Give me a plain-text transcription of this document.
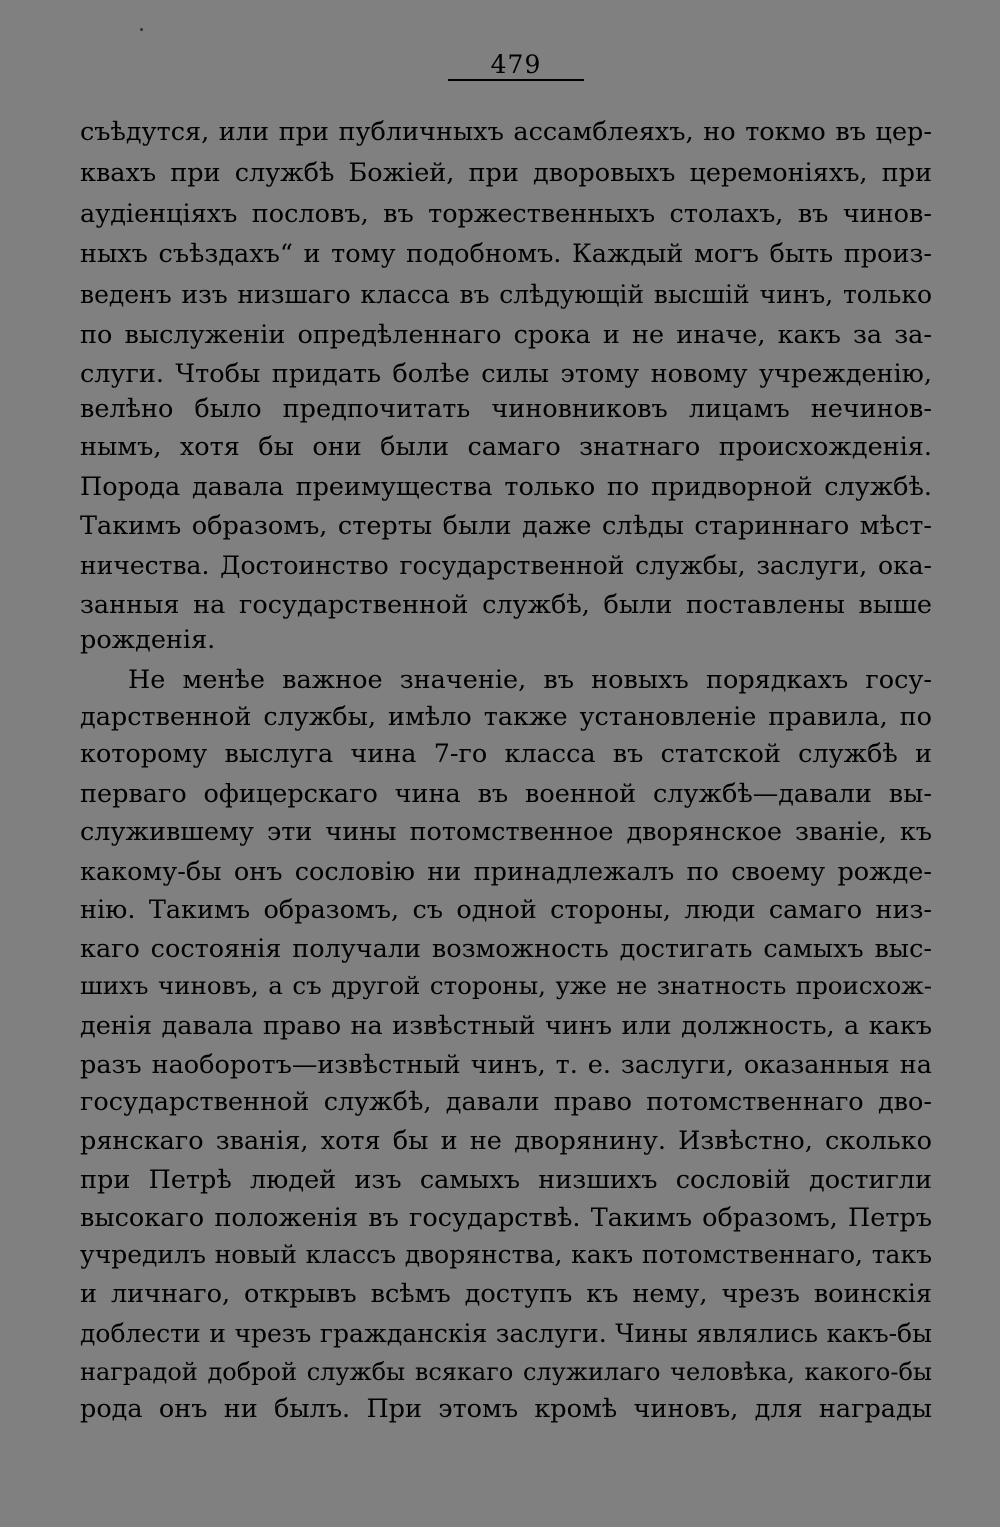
479
съѣдутся, или при публичныхъ ассамблеяхъ, но токмо въ цер-
квахъ при службѣ Божіей, при дворовыхъ церемоніяхъ, при
аудіенціяхъ пословъ, въ торжественныхъ столахъ, въ чинов-
ныхъ съѣздахъ“ и тому подобномъ. Каждый могъ быть произ-
веденъ изъ низшаго класса въ слѣдующій высшій чинъ, только
по выслуженіи опредѣленнаго срока и не иначе, какъ за за-
слуги. Чтобы придать болѣе силы этому новому учрежденію,
велѣно было предпочитать чиновниковъ лицамъ нечинов-
нымъ, хотя бы они были самаго знатнаго происхожденія.
Порода давала преимущества только по придворной службѣ.
Такимъ образомъ, стерты были даже слѣды стариннаго мѣст-
ничества. Достоинство государственной службы, заслуги, ока-
занныя на государственной службѣ, были поставлены выше
рожденія.
Не менѣе важное значеніе, въ новыхъ порядкахъ госу-
дарственной службы, имѣло также установленіе правила, по
которому выслуга чина 7-го класса въ статской службѣ и
перваго офицерскаго чина въ военной службѣ—давали вы-
служившему эти чины потомственное дворянское званіе, къ
какому-бы онъ сословію ни принадлежалъ по своему рожде-
нію. Такимъ образомъ, съ одной стороны, люди самаго низ-
каго состоянія получали возможность достигать самыхъ выс-
шихъ чиновъ, а съ другой стороны, уже не знатность происхож-
денія давала право на извѣстный чинъ или должность, а какъ
разъ наоборотъ—извѣстный чинъ, т. е. заслуги, оказанныя на
государственной службѣ, давали право потомственнаго дво-
рянскаго званія, хотя бы и не дворянину. Извѣстно, сколько
при Петрѣ людей изъ самыхъ низшихъ сословій достигли
высокаго положенія въ государствѣ. Такимъ образомъ, Петръ
учредилъ новый классъ дворянства, какъ потомственнаго, такъ
и личнаго, открывъ всѣмъ доступъ къ нему, чрезъ воинскія
доблести и чрезъ гражданскія заслуги. Чины являлись какъ-бы
наградой доброй службы всякаго служилаго человѣка, какого-бы
рода онъ ни былъ. При этомъ кромѣ чиновъ, для награды
